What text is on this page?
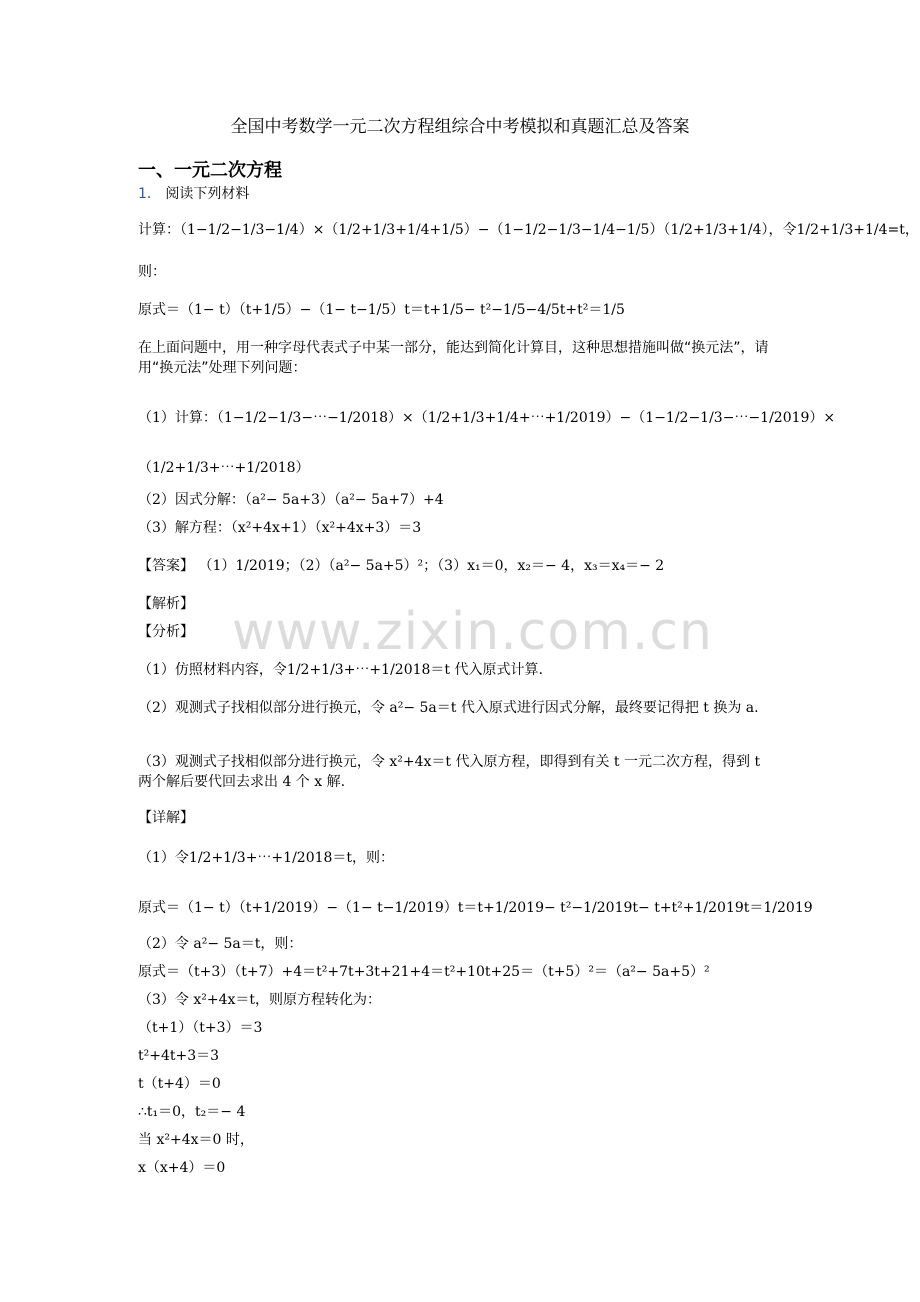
全国中考数学一元二次方程组综合中考模拟和真题汇总及答案
一、一元二次方程
1． 阅读下列材料
计算：（1−1/2−1/3−1/4）×（1/2+1/3+1/4+1/5）−（1−1/2−1/3−1/4−1/5）（1/2+1/3+1/4），令1/2+1/3+1/4=t，
则：
原式＝（1− t）（t+1/5）−（1− t−1/5）t＝t+1/5− t²−1/5−4/5t+t²＝1/5
在上面问题中，用一种字母代表式子中某一部分，能达到简化计算目，这种思想措施叫做“换元法”，请用“换元法”处理下列问题：
（1）计算：（1−1/2−1/3−⋯−1/2018）×（1/2+1/3+1/4+⋯+1/2019）−（1−1/2−1/3−⋯−1/2019）×
（1/2+1/3+⋯+1/2018）
（2）因式分解：（a²− 5a+3）（a²− 5a+7）+4
（3）解方程：（x²+4x+1）（x²+4x+3）＝3
【答案】 （1）1/2019；（2）（a²− 5a+5）²；（3）x₁＝0，x₂＝− 4，x₃＝x₄＝− 2
【解析】
【分析】 www.zixin.com.cn
（1）仿照材料内容，令1/2+1/3+⋯+1/2018＝t 代入原式计算.
（2）观测式子找相似部分进行换元，令 a²− 5a＝t 代入原式进行因式分解，最终要记得把 t 换为 a.
（3）观测式子找相似部分进行换元，令 x²+4x＝t 代入原方程，即得到有关 t 一元二次方程，得到 t 两个解后要代回去求出 4 个 x 解.
【详解】
（1）令1/2+1/3+⋯+1/2018＝t，则：
原式＝（1− t）（t+1/2019）−（1− t−1/2019）t＝t+1/2019− t²−1/2019t− t+t²+1/2019t＝1/2019
（2）令 a²− 5a＝t，则：
原式＝（t+3）（t+7）+4＝t²+7t+3t+21+4＝t²+10t+25＝（t+5）²＝（a²− 5a+5）²
（3）令 x²+4x＝t，则原方程转化为：
（t+1）（t+3）＝3
t²+4t+3＝3
t（t+4）＝0
∴t₁＝0，t₂＝− 4
当 x²+4x＝0 时，
x（x+4）＝0
